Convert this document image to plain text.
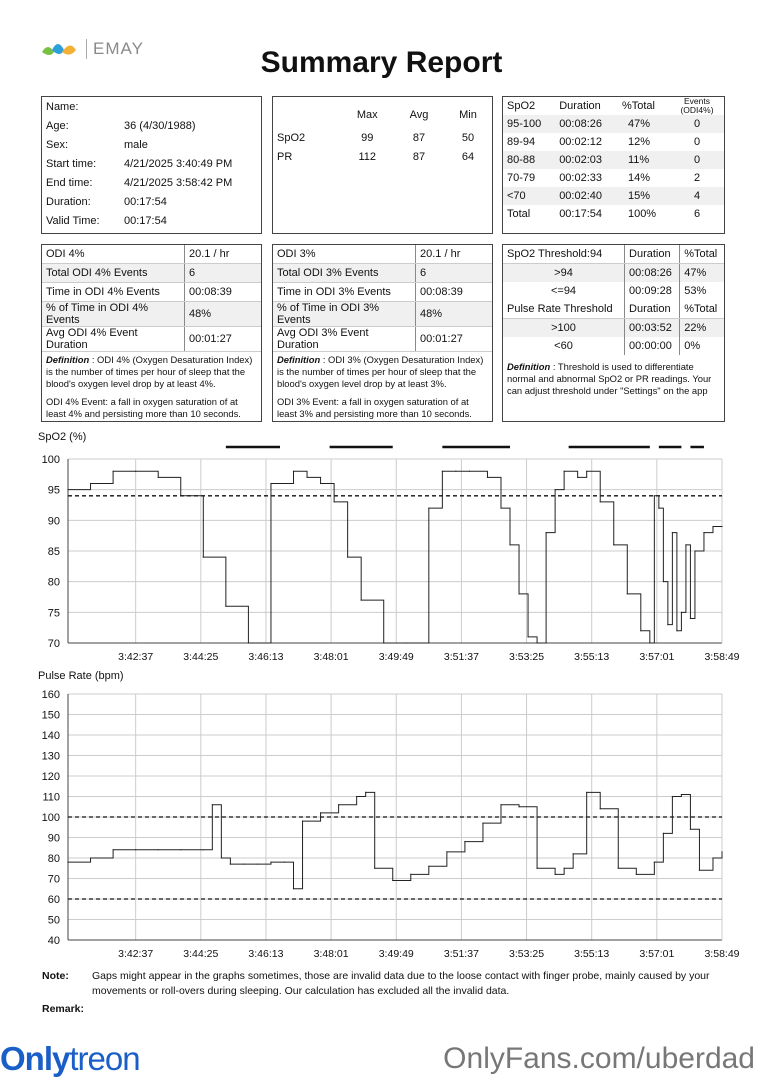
EMAY	Summary Report
Name:	
Age:	36 (4/30/1988)
Sex:	male
Start time:	4/21/2025 3:40:49 PM
End time:	4/21/2025 3:58:42 PM
Duration:	00:17:54
Valid Time:	00:17:54
	Max	Avg	Min

SpO2	99	87	50
PR	112	87	64
SpO2	Duration	%Total	Events (ODI4%)
95-100	00:08:26	47%	0
89-94	00:02:12	12%	0
80-88	00:02:03	11%	0
70-79	00:02:33	14%	2
<70	00:02:40	15%	4
Total	00:17:54	100%	6
ODI 4%	20.1 / hr
Total ODI 4% Events	6
Time in ODI 4% Events	00:08:39
% of Time in ODI 4% Events	48%
Avg ODI 4% Event Duration	00:01:27
Definition : ODI 4% (Oxygen Desaturation Index) is the number of times per hour of sleep that the blood's oxygen level drop by at least 4%.
ODI 4% Event: a fall in oxygen saturation of at least 4% and persisting more than 10 seconds.
ODI 3%	20.1 / hr
Total ODI 3% Events	6
Time in ODI 3% Events	00:08:39
% of Time in ODI 3% Events	48%
Avg ODI 3% Event Duration	00:01:27
Definition : ODI 3% (Oxygen Desaturation Index) is the number of times per hour of sleep that the blood's oxygen level drop by at least 3%.
ODI 3% Event: a fall in oxygen saturation of at least 3% and persisting more than 10 seconds.
SpO2 Threshold:94	Duration	%Total
>94	00:08:26	47%
<=94	00:09:28	53%
Pulse Rate Threshold	Duration	%Total
>100	00:03:52	22%
<60	00:00:00	0%
Definition : Threshold is used to differentiate normal and abnormal SpO2 or PR readings. Your can adjust threshold under "Settings" on the app
SpO2 (%)
100
95
90
85
80
75
70
3:42:37	3:44:25	3:46:13	3:48:01	3:49:49	3:51:37	3:53:25	3:55:13	3:57:01	3:58:49
Pulse Rate (bpm)
160
150
140
130
120
110
100
90
80
70
60
50
40
3:42:37	3:44:25	3:46:13	3:48:01	3:49:49	3:51:37	3:53:25	3:55:13	3:57:01	3:58:49
Note:	Gaps might appear in the graphs sometimes, those are invalid data due to the loose contact with finger probe, mainly caused by your movements or roll-overs during sleeping. Our calculation has excluded all the invalid data.
Remark:
Onlytreon	OnlyFans.com/uberdad
